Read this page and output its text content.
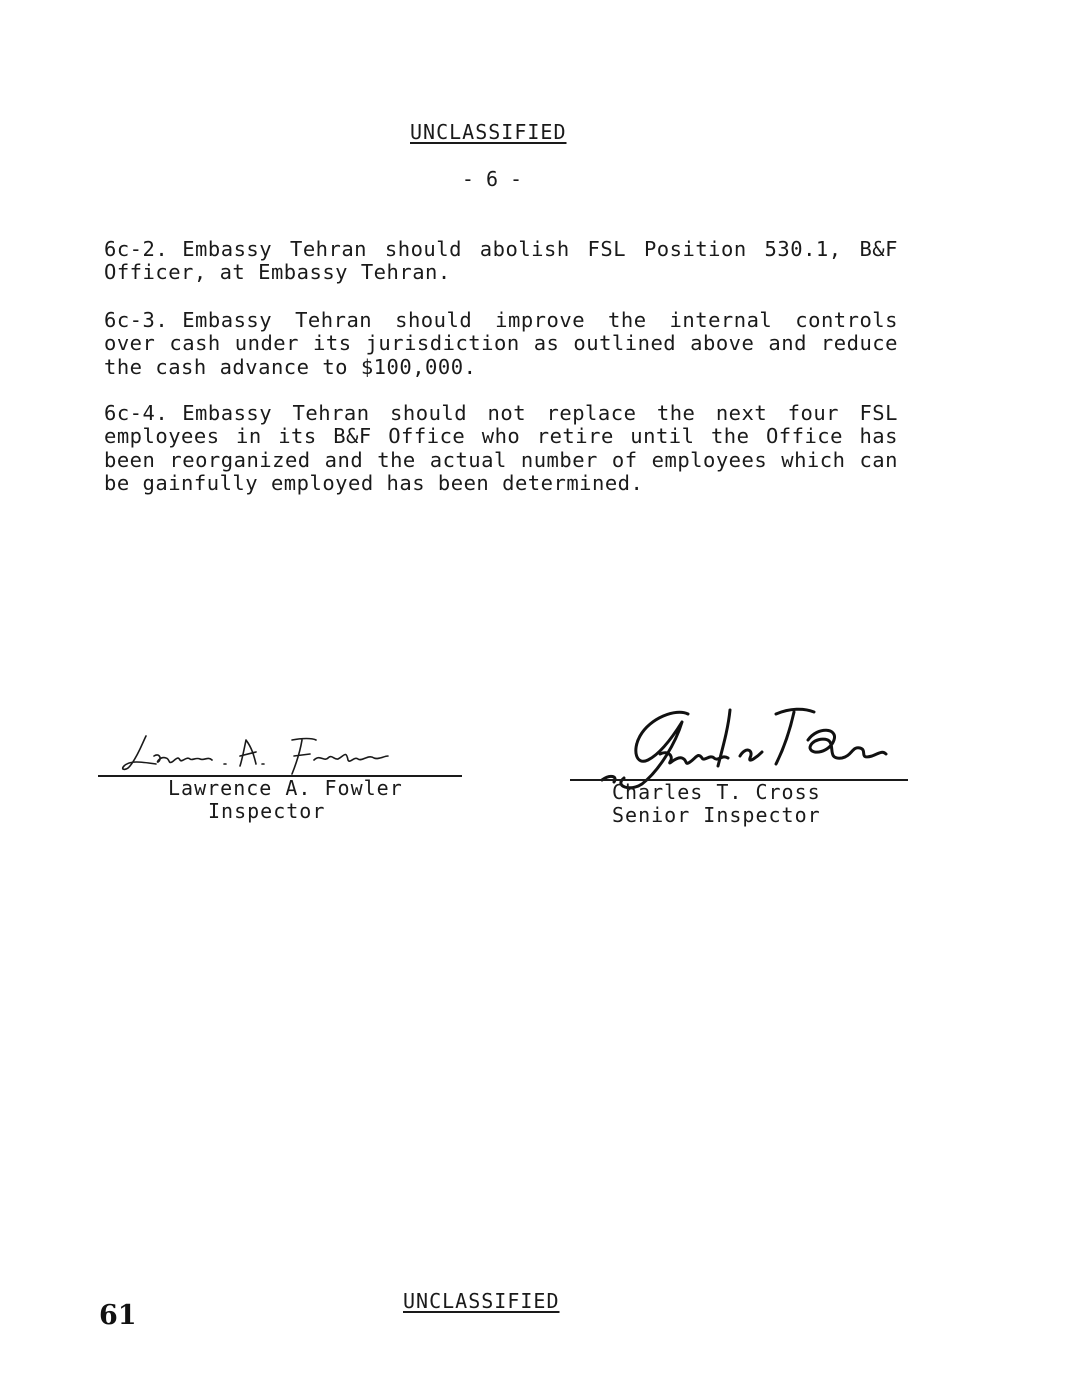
UNCLASSIFIED
- 6 -

6c-2. Embassy Tehran should abolish FSL Position 530.1, B&F Officer, at Embassy Tehran.

6c-3. Embassy Tehran should improve the internal controls over cash under its jurisdiction as outlined above and reduce the cash advance to $100,000.

6c-4. Embassy Tehran should not replace the next four FSL employees in its B&F Office who retire until the Office has been reorganized and the actual number of employees which can be gainfully employed has been determined.

Lawrence A. Fowler
Inspector
Charles T. Cross
Senior Inspector
UNCLASSIFIED
61
